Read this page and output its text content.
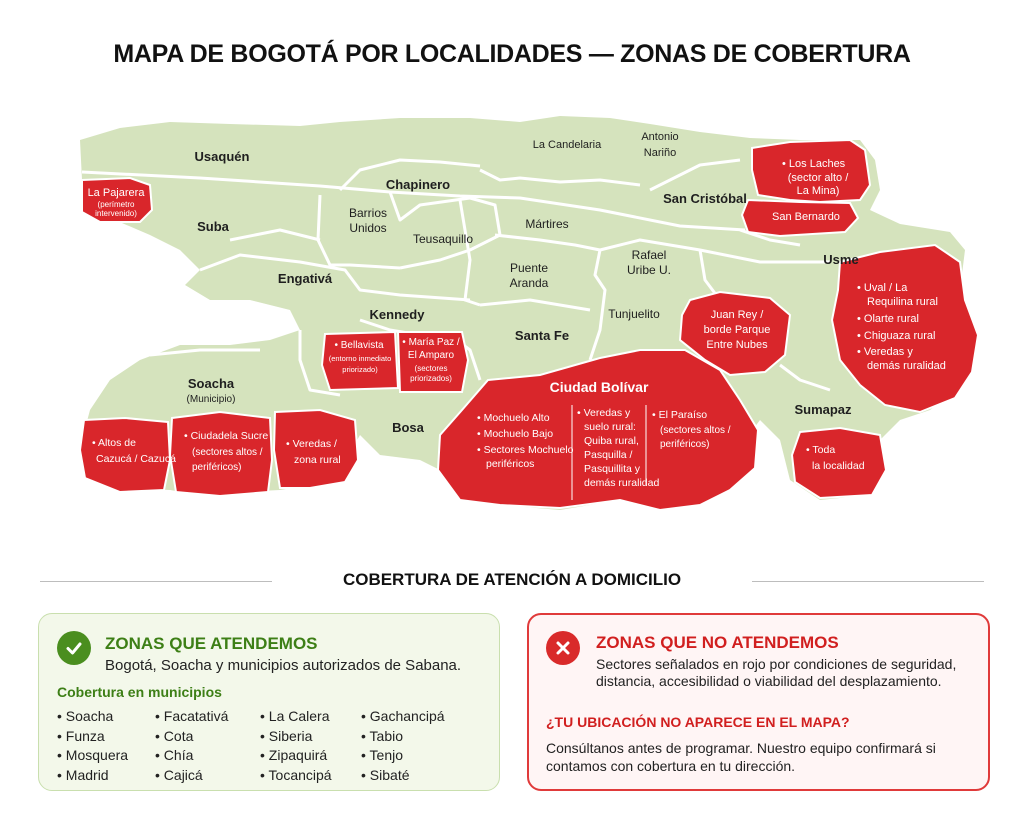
MAPA DE BOGOTÁ POR LOCALIDADES — ZONAS DE COBERTURA
Usaquén
Chapinero
La Candelaria
Antonio
Nariño
San Cristóbal
Suba
Barrios
Unidos
Teusaquillo
Mártires
Engativá
Puente
Aranda
Rafael
Uribe U.
Usme
Kennedy	Tunjuelito
Santa Fe
Soacha
(Municipio)
Bosa
Sumapaz
La Pajarera
(perímetro
intervenido)
• Los Laches
(sector alto /
La Mina)
San Bernardo
Juan Rey /
borde Parque
Entre Nubes
• Uval / La
Requilina rural
• Olarte rural
• Chiguaza rural
• Veredas y
demás ruralidad
• Bellavista
(entorno inmediato
priorizado)
• María Paz /
El Amparo
(sectores
priorizados)
Ciudad Bolívar
• Mochuelo Alto
• Mochuelo Bajo
• Sectores Mochuelo
periféricos
• Veredas y
suelo rural:
Quiba rural,
Pasquilla /
Pasquillita y
demás ruralidad
• El Paraíso
(sectores altos /
periféricos)
• Altos de
Cazucá / Cazucá
• Ciudadela Sucre
(sectores altos /
periféricos)
• Veredas /
zona rural
• Toda
la localidad
COBERTURA DE ATENCIÓN A DOMICILIO
ZONAS QUE ATENDEMOS
Bogotá, Soacha y municipios autorizados de Sabana.
Cobertura en municipios
• Soacha
• Funza
• Mosquera
• Madrid
• Facatativá
• Cota
• Chía
• Cajicá
• La Calera
• Siberia
• Zipaquirá
• Tocancipá
• Gachancipá
• Tabio
• Tenjo
• Sibaté
ZONAS QUE NO ATENDEMOS
Sectores señalados en rojo por condiciones de seguridad, distancia, accesibilidad o viabilidad del desplazamiento.
¿TU UBICACIÓN NO APARECE EN EL MAPA?
Consúltanos antes de programar. Nuestro equipo confirmará si contamos con cobertura en tu dirección.
